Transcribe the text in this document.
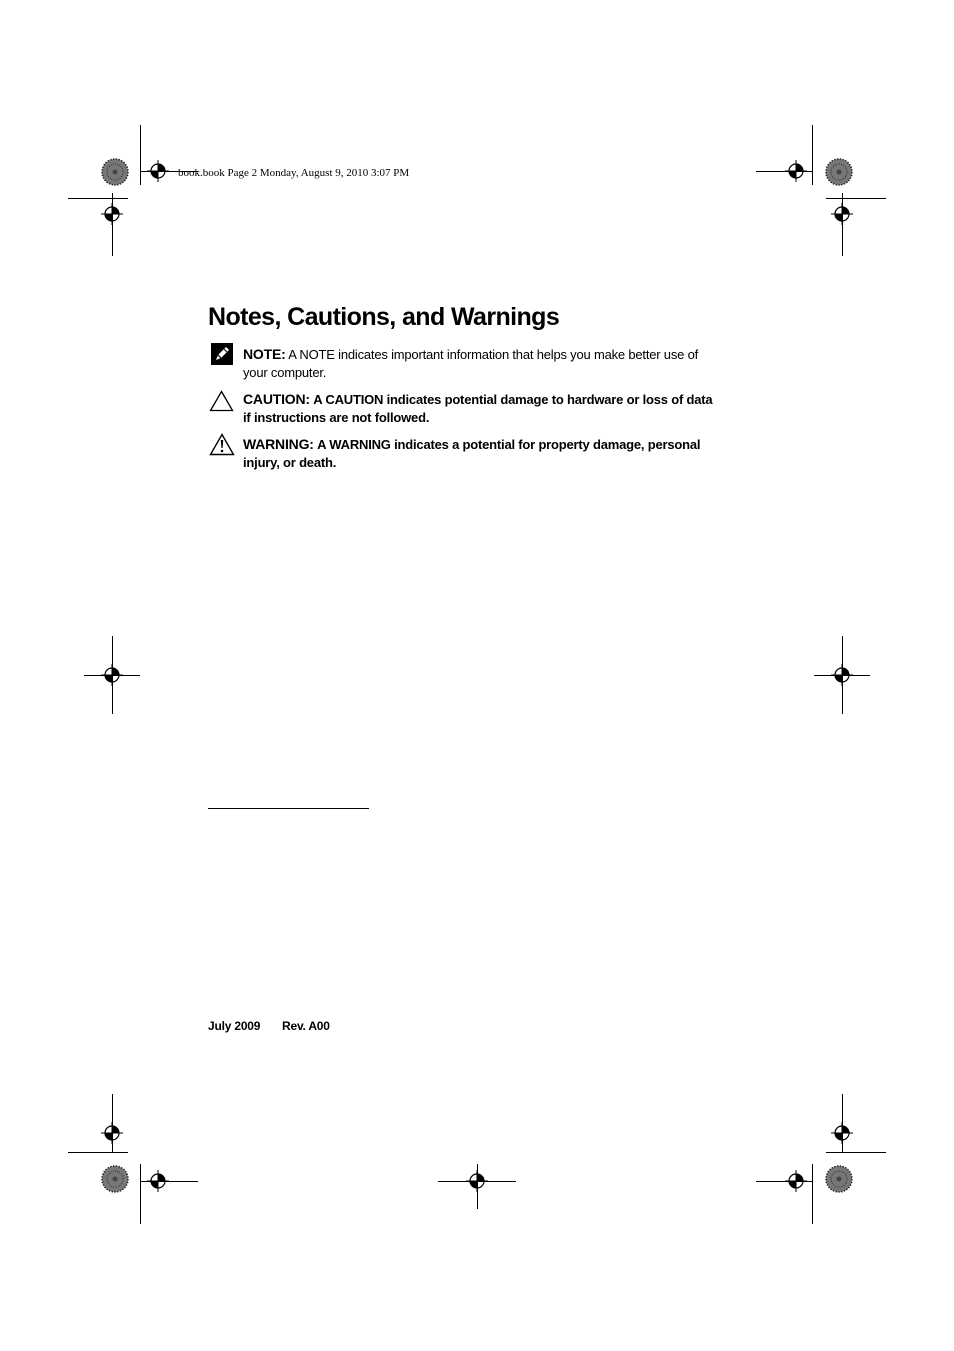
book.book Page 2 Monday, August 9, 2010 3:07 PM
Notes, Cautions, and Warnings
NOTE: A NOTE indicates important information that helps you make better use of your computer.
CAUTION: A CAUTION indicates potential damage to hardware or loss of data if instructions are not followed.
WARNING: A WARNING indicates a potential for property damage, personal injury, or death.
July 2009 Rev. A00
